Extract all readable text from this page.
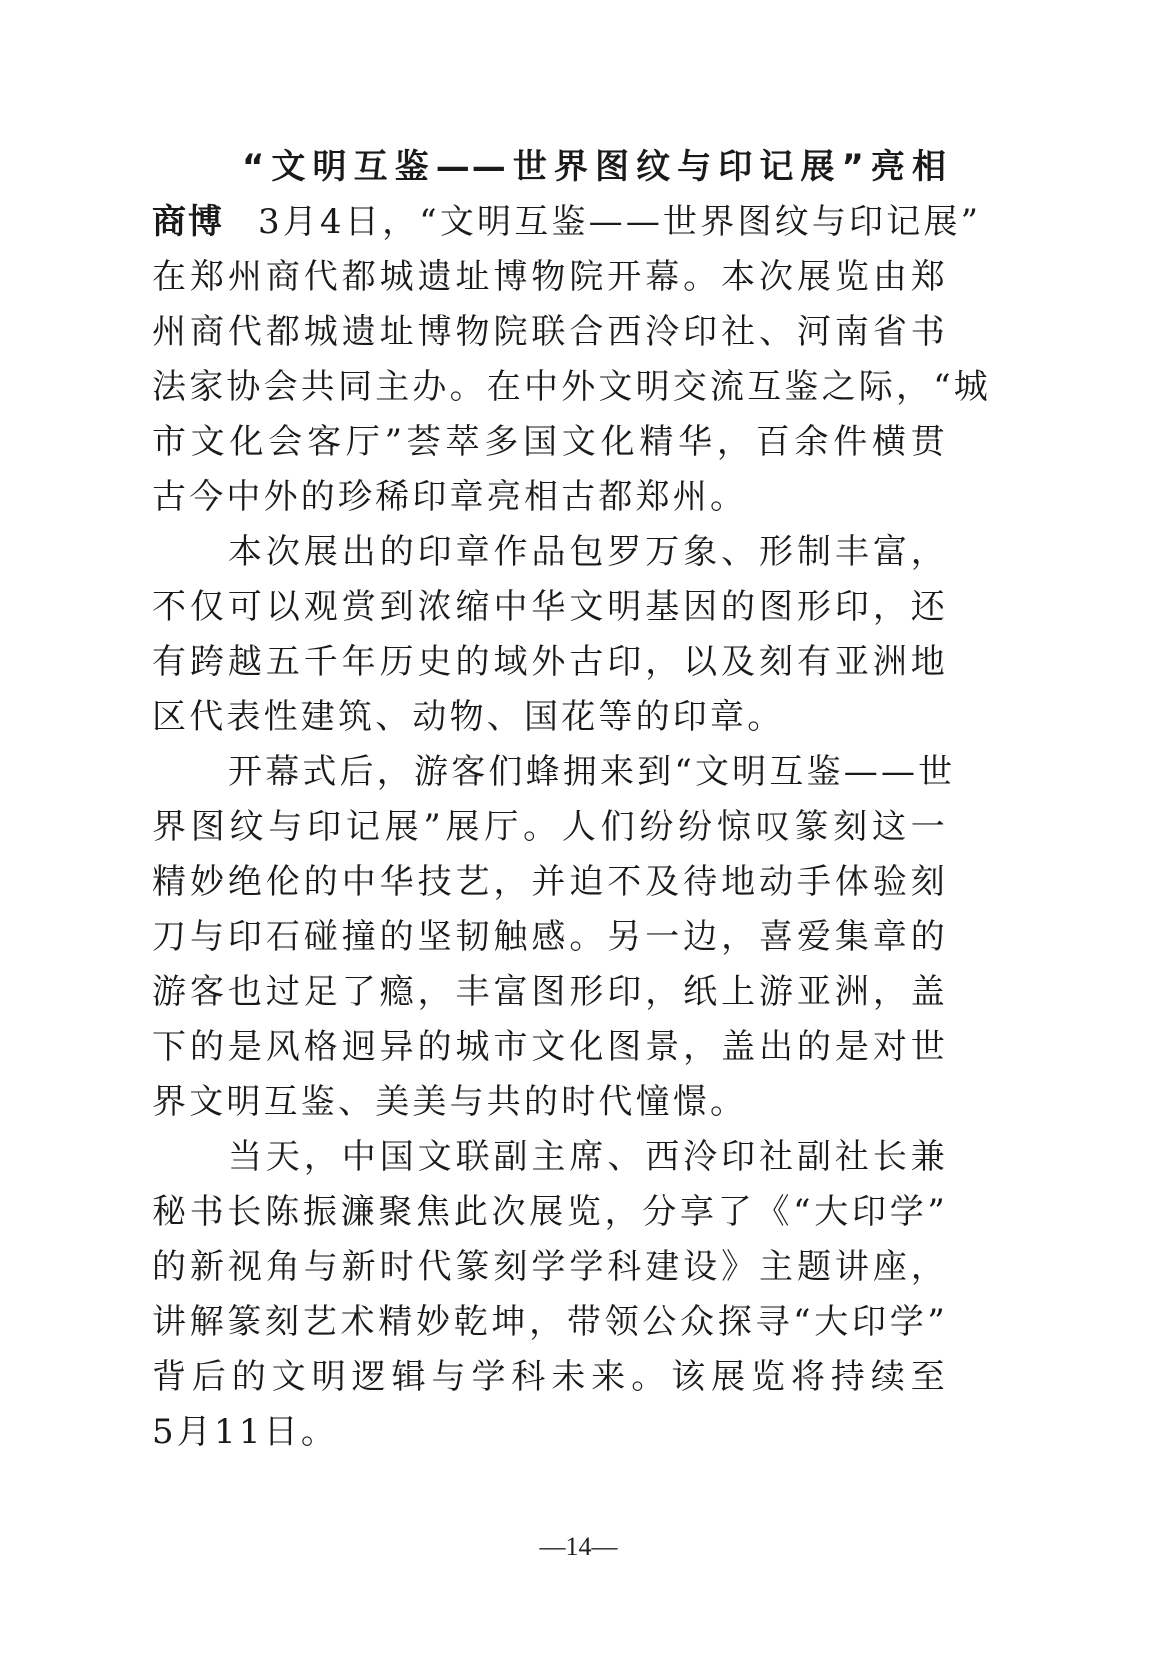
“文明互鉴——世界图纹与印记展”亮相
商博 3月4日，“文明互鉴——世界图纹与印记展”
在郑州商代都城遗址博物院开幕。本次展览由郑
州商代都城遗址博物院联合西泠印社、河南省书
法家协会共同主办。在中外文明交流互鉴之际，“城
市文化会客厅”荟萃多国文化精华，百余件横贯
古今中外的珍稀印章亮相古都郑州。
本次展出的印章作品包罗万象、形制丰富，
不仅可以观赏到浓缩中华文明基因的图形印，还
有跨越五千年历史的域外古印，以及刻有亚洲地
区代表性建筑、动物、国花等的印章。
开幕式后，游客们蜂拥来到“文明互鉴——世
界图纹与印记展”展厅。人们纷纷惊叹篆刻这一
精妙绝伦的中华技艺，并迫不及待地动手体验刻
刀与印石碰撞的坚韧触感。另一边，喜爱集章的
游客也过足了瘾，丰富图形印，纸上游亚洲，盖
下的是风格迥异的城市文化图景，盖出的是对世
界文明互鉴、美美与共的时代憧憬。
当天，中国文联副主席、西泠印社副社长兼
秘书长陈振濂聚焦此次展览，分享了《“大印学”
的新视角与新时代篆刻学学科建设》主题讲座，
讲解篆刻艺术精妙乾坤，带领公众探寻“大印学”
背后的文明逻辑与学科未来。该展览将持续至
5月11日。
—14—
